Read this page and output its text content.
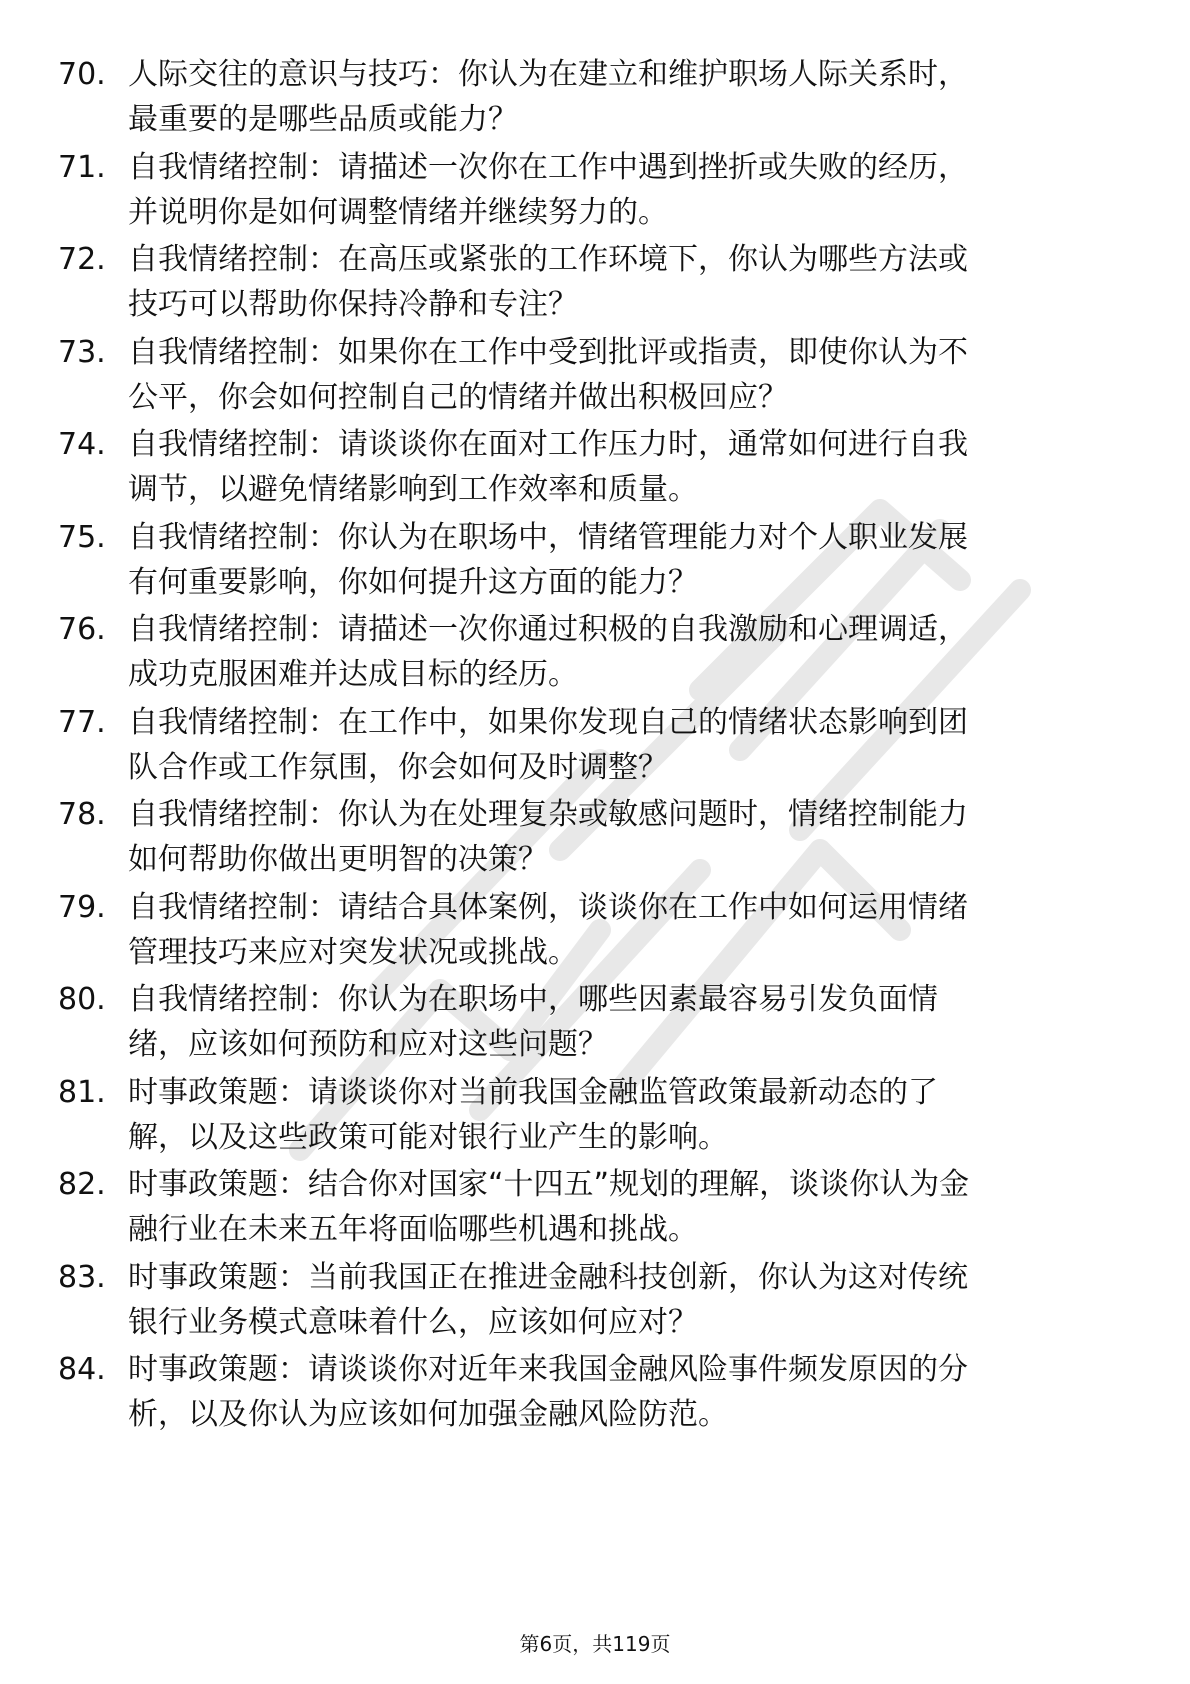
70. 人际交往的意识与技巧：你认为在建立和维护职场人际关系时，
最重要的是哪些品质或能力？
71. 自我情绪控制：请描述一次你在工作中遇到挫折或失败的经历，
并说明你是如何调整情绪并继续努力的。
72. 自我情绪控制：在高压或紧张的工作环境下，你认为哪些方法或
技巧可以帮助你保持冷静和专注？
73. 自我情绪控制：如果你在工作中受到批评或指责，即使你认为不
公平，你会如何控制自己的情绪并做出积极回应？
74. 自我情绪控制：请谈谈你在面对工作压力时，通常如何进行自我
调节，以避免情绪影响到工作效率和质量。
75. 自我情绪控制：你认为在职场中，情绪管理能力对个人职业发展
有何重要影响，你如何提升这方面的能力？
76. 自我情绪控制：请描述一次你通过积极的自我激励和心理调适，
成功克服困难并达成目标的经历。
77. 自我情绪控制：在工作中，如果你发现自己的情绪状态影响到团
队合作或工作氛围，你会如何及时调整？
78. 自我情绪控制：你认为在处理复杂或敏感问题时，情绪控制能力
如何帮助你做出更明智的决策？
79. 自我情绪控制：请结合具体案例，谈谈你在工作中如何运用情绪
管理技巧来应对突发状况或挑战。
80. 自我情绪控制：你认为在职场中，哪些因素最容易引发负面情
绪，应该如何预防和应对这些问题？
81. 时事政策题：请谈谈你对当前我国金融监管政策最新动态的了
解，以及这些政策可能对银行业产生的影响。
82. 时事政策题：结合你对国家“十四五”规划的理解，谈谈你认为金
融行业在未来五年将面临哪些机遇和挑战。
83. 时事政策题：当前我国正在推进金融科技创新，你认为这对传统
银行业务模式意味着什么，应该如何应对？
84. 时事政策题：请谈谈你对近年来我国金融风险事件频发原因的分
析，以及你认为应该如何加强金融风险防范。
第6页，共119页
